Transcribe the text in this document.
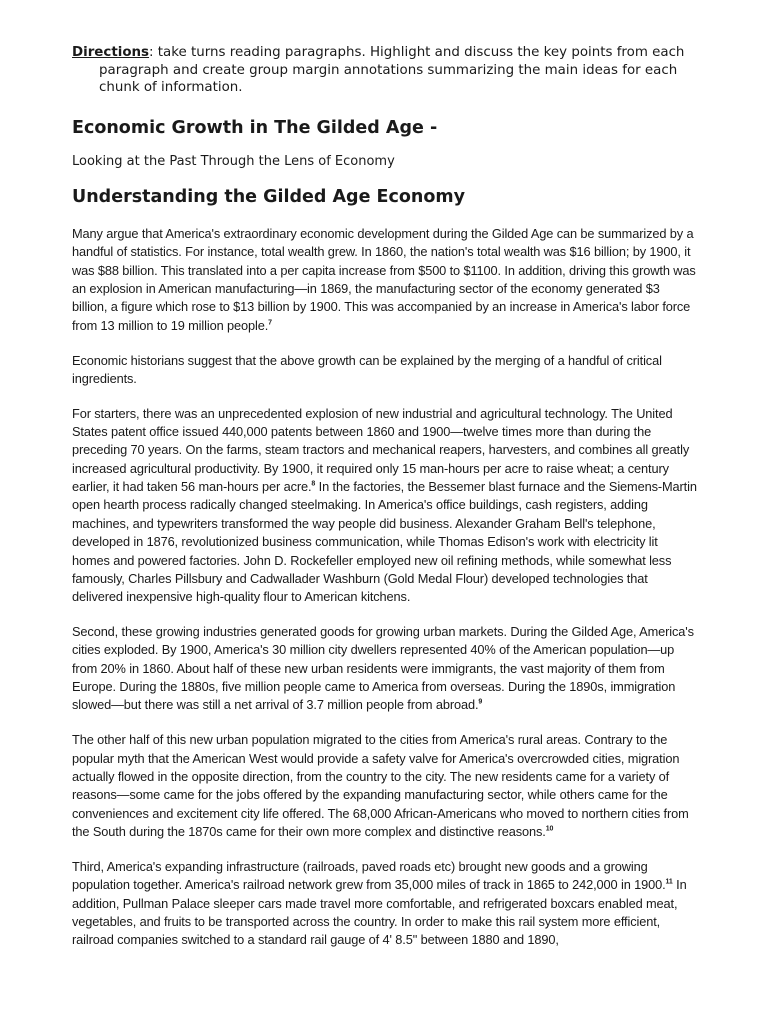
Directions: take turns reading paragraphs. Highlight and discuss the key points from each paragraph and create group margin annotations summarizing the main ideas for each chunk of information.

Economic Growth in The Gilded Age -

Looking at the Past Through the Lens of Economy

Understanding the Gilded Age Economy

Many argue that America's extraordinary economic development during the Gilded Age can be summarized by a handful of statistics. For instance, total wealth grew. In 1860, the nation's total wealth was $16 billion; by 1900, it was $88 billion. This translated into a per capita increase from $500 to $1100. In addition, driving this growth was an explosion in American manufacturing—in 1869, the manufacturing sector of the economy generated $3 billion, a figure which rose to $13 billion by 1900. This was accompanied by an increase in America's labor force from 13 million to 19 million people.$^7$

Economic historians suggest that the above growth can be explained by the merging of a handful of critical ingredients.

For starters, there was an unprecedented explosion of new industrial and agricultural technology. The United States patent office issued 440,000 patents between 1860 and 1900—twelve times more than during the preceding 70 years. On the farms, steam tractors and mechanical reapers, harvesters, and combines all greatly increased agricultural productivity. By 1900, it required only 15 man-hours per acre to raise wheat; a century earlier, it had taken 56 man-hours per acre.$^8$ In the factories, the Bessemer blast furnace and the Siemens-Martin open hearth process radically changed steelmaking. In America's office buildings, cash registers, adding machines, and typewriters transformed the way people did business. Alexander Graham Bell's telephone, developed in 1876, revolutionized business communication, while Thomas Edison's work with electricity lit homes and powered factories. John D. Rockefeller employed new oil refining methods, while somewhat less famously, Charles Pillsbury and Cadwallader Washburn (Gold Medal Flour) developed technologies that delivered inexpensive high-quality flour to American kitchens.

Second, these growing industries generated goods for growing urban markets. During the Gilded Age, America's cities exploded. By 1900, America's 30 million city dwellers represented 40% of the American population—up from 20% in 1860. About half of these new urban residents were immigrants, the vast majority of them from Europe. During the 1880s, five million people came to America from overseas. During the 1890s, immigration slowed—but there was still a net arrival of 3.7 million people from abroad.$^9$

The other half of this new urban population migrated to the cities from America's rural areas. Contrary to the popular myth that the American West would provide a safety valve for America's overcrowded cities, migration actually flowed in the opposite direction, from the country to the city. The new residents came for a variety of reasons—some came for the jobs offered by the expanding manufacturing sector, while others came for the conveniences and excitement city life offered. The 68,000 African-Americans who moved to northern cities from the South during the 1870s came for their own more complex and distinctive reasons.$^{10}$

Third, America's expanding infrastructure (railroads, paved roads etc) brought new goods and a growing population together. America's railroad network grew from 35,000 miles of track in 1865 to 242,000 in 1900.11 In addition, Pullman Palace sleeper cars made travel more comfortable, and refrigerated boxcars enabled meat, vegetables, and fruits to be transported across the country. In order to make this rail system more efficient, railroad companies switched to a standard rail gauge of 4' 8.5" between 1880 and 1890,
